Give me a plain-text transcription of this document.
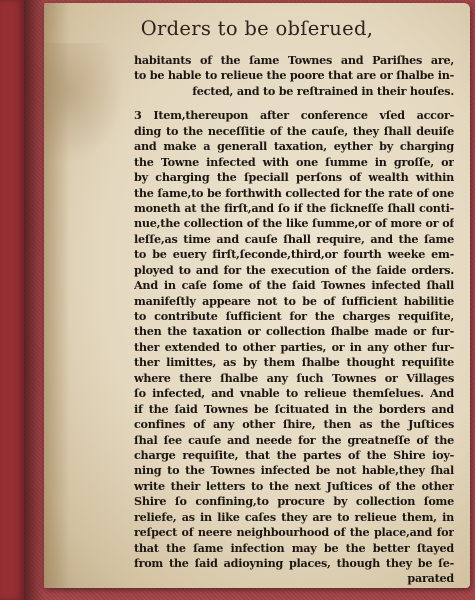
Orders to be obſerued,
habitants of the ſame Townes and Pariſhes are,
to be hable to relieue the poore that are or ſhalbe in-
fected, and to be reſtrained in their houſes.
3 Item,thereupon after conference vſed accor-
ding to the neceſſitie of the cauſe, they ſhall deuiſe
and make a generall taxation, eyther by charging
the Towne infected with one ſumme in groſſe, or
by charging the ſpeciall perſons of wealth within
the ſame,to be forthwith collected for the rate of one
moneth at the firſt,and ſo if the ſickneſſe ſhall conti-
nue,the collection of the like ſumme,or of more or of
leſſe,as time and cauſe ſhall require, and the ſame
to be euery firſt,ſeconde,third,or fourth weeke em-
ployed to and for the execution of the ſaide orders.
And in caſe ſome of the ſaid Townes infected ſhall
manifeſtly appeare not to be of ſufficient habilitie
to contribute ſufficient for the charges requiſite,
then the taxation or collection ſhalbe made or fur-
ther extended to other parties, or in any other fur-
ther limittes, as by them ſhalbe thought requiſite
where there ſhalbe any ſuch Townes or Villages
ſo infected, and vnable to relieue themſelues. And
if the ſaid Townes be ſcituated in the borders and
confines of any other ſhire, then as the Juſtices
ſhal ſee cauſe and neede for the greatneſſe of the
charge requiſite, that the partes of the Shire ioy-
ning to the Townes infected be not hable,they ſhal
write their letters to the next Juſtices of the other
Shire ſo confining,to procure by collection ſome
reliefe, as in like caſes they are to relieue them, in
reſpect of neere neighbourhood of the place,and for
that the ſame infection may be the better ſtayed
from the ſaid adioyning places, though they be ſe-
parated
